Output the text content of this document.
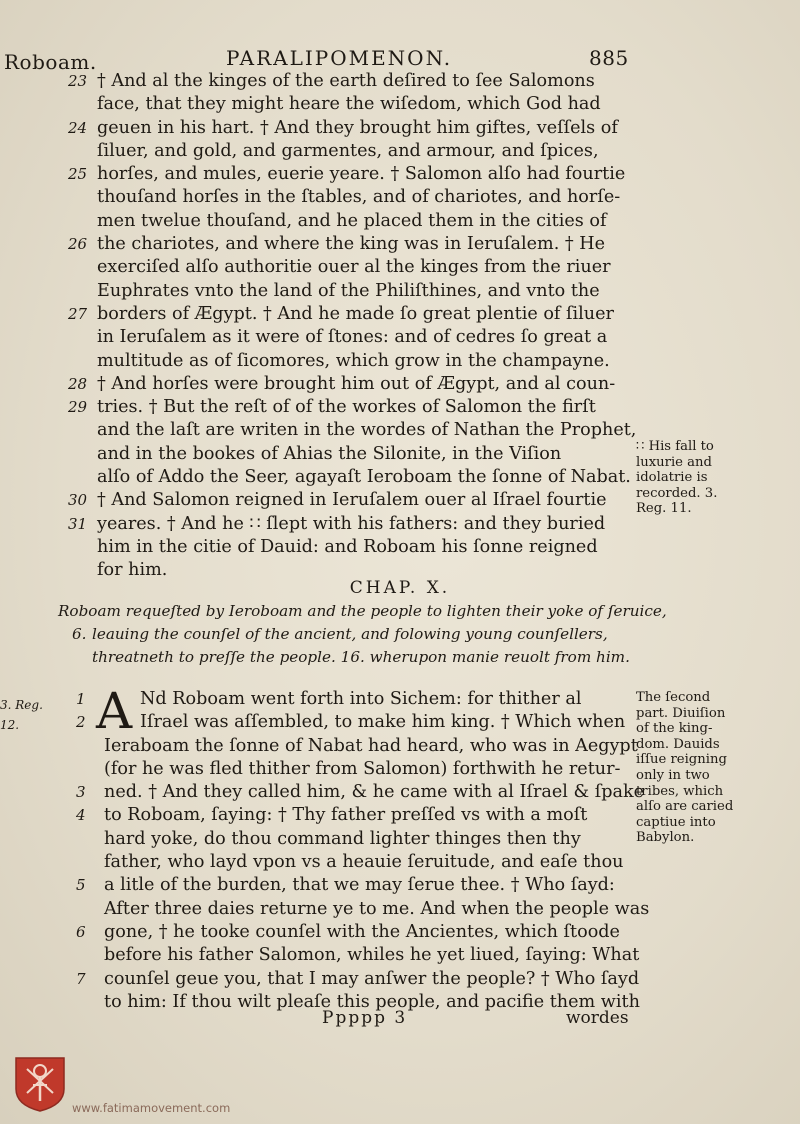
Roboam.	PARALIPOMENON.	885
23 † And al the kinges of the earth deſired to ſee Salomons
face, that they might heare the wiſedom, which God had
24 geuen in his hart. † And they brought him giftes, veſſels of
ſiluer, and gold, and garmentes, and armour, and ſpices,
25 horſes, and mules, euerie yeare. † Salomon alſo had fourtie
thouſand horſes in the ſtables, and of chariotes, and horſe-
men twelue thouſand, and he placed them in the cities of
26 the chariotes, and where the king was in Ieruſalem. † He
exerciſed alſo authoritie ouer al the kinges from the riuer
Euphrates vnto the land of the Philiſthines, and vnto the
27 borders of Ægypt. † And he made ſo great plentie of ſiluer
in Ieruſalem as it were of ſtones: and of cedres ſo great a
multitude as of ſicomores, which grow in the champayne.
28 † And horſes were brought him out of Ægypt, and al coun-
29 tries. † But the reſt of of the workes of Salomon the firſt
and the laſt are writen in the wordes of Nathan the Prophet,
and in the bookes of Ahias the Silonite, in the Viſion
alſo of Addo the Seer, agayaſt Ieroboam the ſonne of Nabat.
30 † And Salomon reigned in Ieruſalem ouer al Iſrael fourtie
31 yeares. † And he ∷ ſlept with his fathers: and they buried
him in the citie of Dauid: and Roboam his ſonne reigned
for him.
∷ His fall to
luxurie and
idolatrie is
recorded. 3.
Reg. 11.
CHAP. X.
Roboam requeſted by Ieroboam and the people to lighten their yoke of ſeruice,
6. leauing the counſel of the ancient, and folowing young counſellers,
threatneth to preſſe the people. 16. wherupon manie reuolt from him.
3. Reg.
12.	A
1	Nd Roboam went forth into Sichem: for thither al
2	Iſrael was aſſembled, to make him king. † Which when
Ieraboam the ſonne of Nabat had heard, who was in Aegypt
(for he was fled thither from Salomon) forthwith he retur-
3 ned. † And they called him, & he came with al Iſrael & ſpake
4 to Roboam, ſaying: † Thy father preſſed vs with a moſt
hard yoke, do thou command lighter thinges then thy
father, who layd vpon vs a heauie ſeruitude, and eaſe thou
5 a litle of the burden, that we may ſerue thee. † Who ſayd:
After three daies returne ye to me. And when the people was
6 gone, † he tooke counſel with the Ancientes, which ſtoode
before his father Salomon, whiles he yet liued, ſaying: What
7 counſel geue you, that I may anſwer the people? † Who ſayd
to him: If thou wilt pleaſe this people, and pacifie them with
The ſecond
part. Diuiſion
of the king-
dom. Dauids
iſſue reigning
only in two
tribes, which
alſo are caried
captiue into
Babylon.
Ppppp 3	wordes
www.fatimamovement.com
